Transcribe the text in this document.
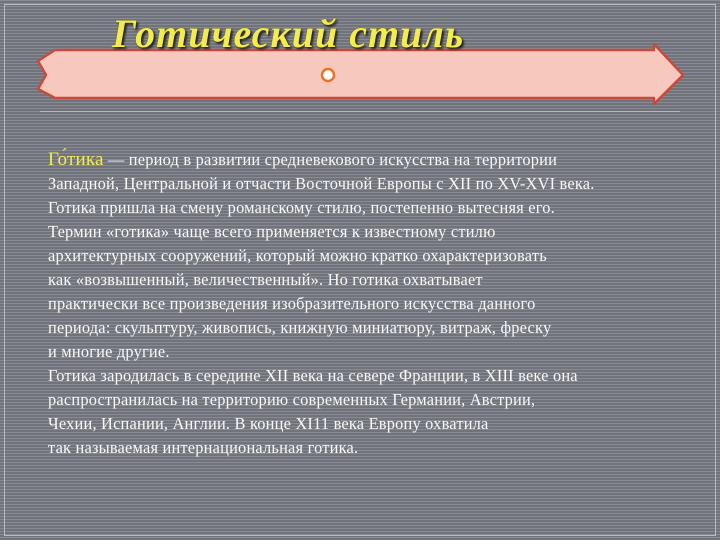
Готический стиль
Го́тика — период в развитии средневекового искусства на территории
Западной, Центральной и отчасти Восточной Европы с XII по XV-XVI века.
Готика пришла на смену романскому стилю, постепенно вытесняя его.
Термин «готика» чаще всего применяется к известному стилю
архитектурных сооружений, который можно кратко охарактеризовать
как «возвышенный, величественный». Но готика охватывает
практически все произведения изобразительного искусства данного
периода: скульптуру, живопись, книжную миниатюру, витраж, фреску
и многие другие.
Готика зародилась в середине XII века на севере Франции, в XIII веке она
распространилась на территорию современных Германии, Австрии,
Чехии, Испании, Англии. В конце XI11 века Европу охватила
так называемая интернациональная готика.
